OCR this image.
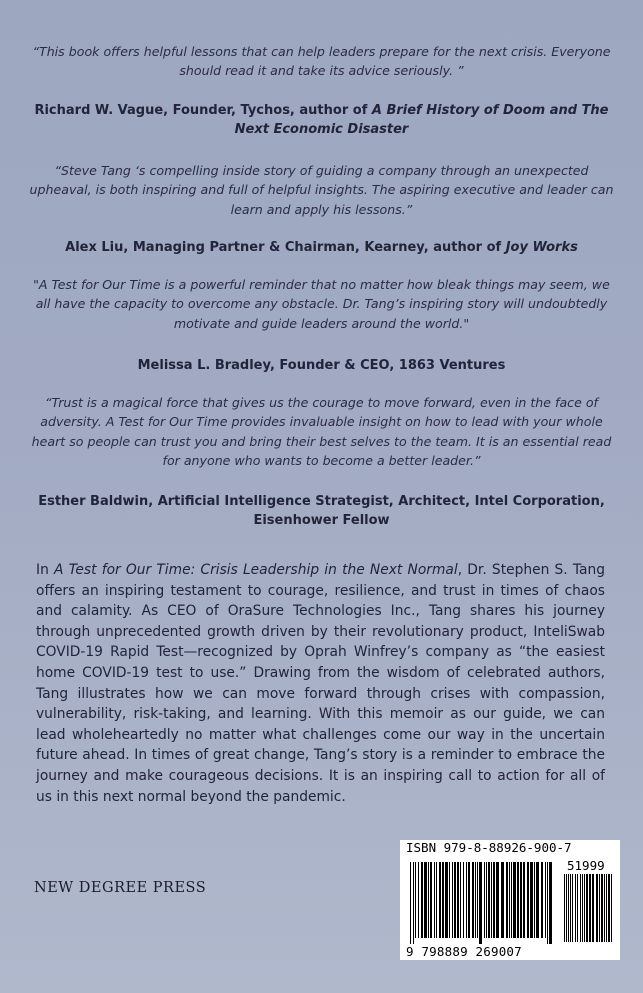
“This book offers helpful lessons that can help leaders prepare for the next crisis. Everyone should read it and take its advice seriously. ”

Richard W. Vague, Founder, Tychos, author of A Brief History of Doom and The Next Economic Disaster

“Steve Tang ‘s compelling inside story of guiding a company through an unexpected upheaval, is both inspiring and full of helpful insights. The aspiring executive and leader can learn and apply his lessons.”

Alex Liu, Managing Partner & Chairman, Kearney, author of Joy Works

"A Test for Our Time is a powerful reminder that no matter how bleak things may seem, we all have the capacity to overcome any obstacle. Dr. Tang’s inspiring story will undoubtedly motivate and guide leaders around the world."

Melissa L. Bradley, Founder & CEO, 1863 Ventures

“Trust is a magical force that gives us the courage to move forward, even in the face of adversity. A Test for Our Time provides invaluable insight on how to lead with your whole heart so people can trust you and bring their best selves to the team. It is an essential read for anyone who wants to become a better leader.”

Esther Baldwin, Artificial Intelligence Strategist, Architect, Intel Corporation, Eisenhower Fellow

In A Test for Our Time: Crisis Leadership in the Next Normal, Dr. Stephen S. Tang offers an inspiring testament to courage, resilience, and trust in times of chaos and calamity. As CEO of OraSure Technologies Inc., Tang shares his journey through unprecedented growth driven by their revolutionary product, InteliSwab COVID-19 Rapid Test—recognized by Oprah Winfrey’s company as “the easiest home COVID-19 test to use.” Drawing from the wisdom of celebrated authors, Tang illustrates how we can move forward through crises with compassion, vulnerability, risk-taking, and learning. With this memoir as our guide, we can lead wholeheartedly no matter what challenges come our way in the uncertain future ahead. In times of great change, Tang’s story is a reminder to embrace the journey and make courageous decisions. It is an inspiring call to action for all of us in this next normal beyond the pandemic.

NEW DEGREE PRESS
ISBN 979-8-88926-900-7
51999
9 798889 269007
